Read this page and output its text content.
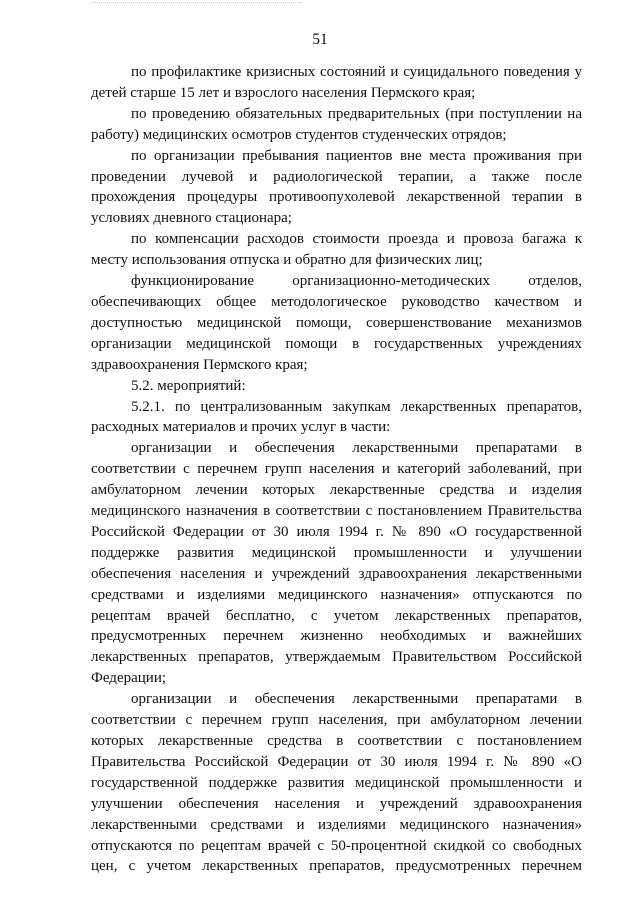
51

по профилактике кризисных состояний и суицидального поведения у детей старше 15 лет и взрослого населения Пермского края;

по проведению обязательных предварительных (при поступлении на работу) медицинских осмотров студентов студенческих отрядов;

по организации пребывания пациентов вне места проживания при проведении лучевой и радиологической терапии, а также после прохождения процедуры противоопухолевой лекарственной терапии в условиях дневного стационара;

по компенсации расходов стоимости проезда и провоза багажа к месту использования отпуска и обратно для физических лиц;

функционирование организационно-методических отделов, обеспечивающих общее методологическое руководство качеством и доступностью медицинской помощи, совершенствование механизмов организации медицинской помощи в государственных учреждениях здравоохранения Пермского края;

5.2. мероприятий:

5.2.1. по централизованным закупкам лекарственных препаратов, расходных материалов и прочих услуг в части:

организации и обеспечения лекарственными препаратами в соответствии с перечнем групп населения и категорий заболеваний, при амбулаторном лечении которых лекарственные средства и изделия медицинского назначения в соответствии с постановлением Правительства Российской Федерации от 30 июля 1994 г. № 890 «О государственной поддержке развития медицинской промышленности и улучшении обеспечения населения и учреждений здравоохранения лекарственными средствами и изделиями медицинского назначения» отпускаются по рецептам врачей бесплатно, с учетом лекарственных препаратов, предусмотренных перечнем жизненно необходимых и важнейших лекарственных препаратов, утверждаемым Правительством Российской Федерации;

организации и обеспечения лекарственными препаратами в соответствии с перечнем групп населения, при амбулаторном лечении которых лекарственные средства в соответствии с постановлением Правительства Российской Федерации от 30 июля 1994 г. № 890 «О государственной поддержке развития медицинской промышленности и улучшении обеспечения населения и учреждений здравоохранения лекарственными средствами и изделиями медицинского назначения» отпускаются по рецептам врачей с 50-процентной скидкой со свободных цен, с учетом лекарственных препаратов, предусмотренных перечнем
